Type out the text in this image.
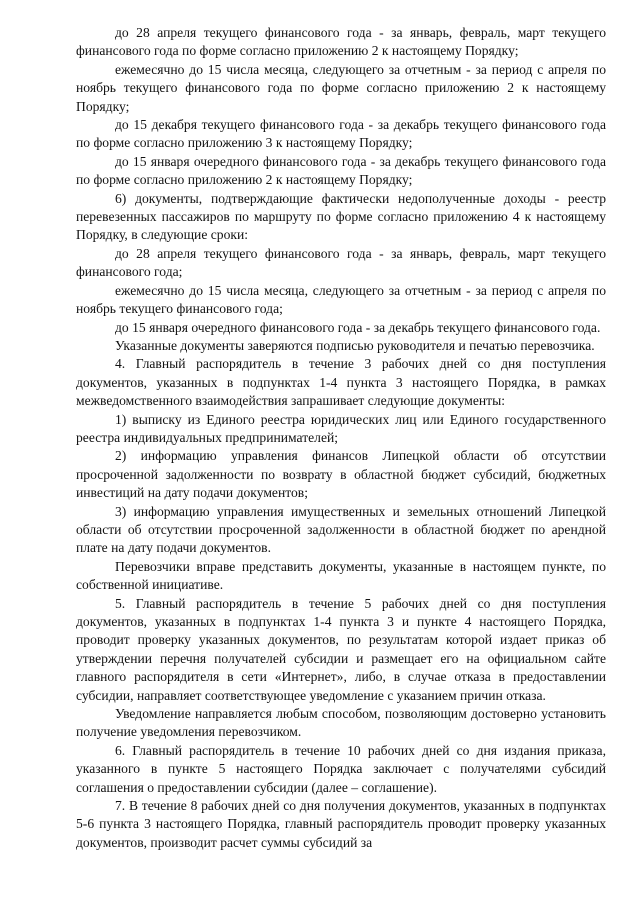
до 28 апреля текущего финансового года - за январь, февраль, март текущего финансового года по форме согласно приложению 2 к настоящему Порядку;

ежемесячно до 15 числа месяца, следующего за отчетным - за период с апреля по ноябрь текущего финансового года по форме согласно приложению 2 к настоящему Порядку;

до 15 декабря текущего финансового года - за декабрь текущего финансового года по форме согласно приложению 3 к настоящему Порядку;

до 15 января очередного финансового года - за декабрь текущего финансового года по форме согласно приложению 2 к настоящему Порядку;

6) документы, подтверждающие фактически недополученные доходы - реестр перевезенных пассажиров по маршруту по форме согласно приложению 4 к настоящему Порядку, в следующие сроки:

до 28 апреля текущего финансового года - за январь, февраль, март текущего финансового года;

ежемесячно до 15 числа месяца, следующего за отчетным - за период с апреля по ноябрь текущего финансового года;

до 15 января очередного финансового года - за декабрь текущего финансового года.

Указанные документы заверяются подписью руководителя и печатью перевозчика.

4. Главный распорядитель в течение 3 рабочих дней со дня поступления документов, указанных в подпунктах 1-4 пункта 3 настоящего Порядка, в рамках межведомственного взаимодействия запрашивает следующие документы:

1) выписку из Единого реестра юридических лиц или Единого государственного реестра индивидуальных предпринимателей;

2) информацию управления финансов Липецкой области об отсутствии просроченной задолженности по возврату в областной бюджет субсидий, бюджетных инвестиций на дату подачи документов;

3) информацию управления имущественных и земельных отношений Липецкой области об отсутствии просроченной задолженности в областной бюджет по арендной плате на дату подачи документов.

Перевозчики вправе представить документы, указанные в настоящем пункте, по собственной инициативе.

5. Главный распорядитель в течение 5 рабочих дней со дня поступления документов, указанных в подпунктах 1-4 пункта 3 и пункте 4 настоящего Порядка, проводит проверку указанных документов, по результатам которой издает приказ об утверждении перечня получателей субсидии и размещает его на официальном сайте главного распорядителя в сети «Интернет», либо, в случае отказа в предоставлении субсидии, направляет соответствующее уведомление с указанием причин отказа.

Уведомление направляется любым способом, позволяющим достоверно установить получение уведомления перевозчиком.

6. Главный распорядитель в течение 10 рабочих дней со дня издания приказа, указанного в пункте 5 настоящего Порядка заключает с получателями субсидий соглашения о предоставлении субсидии (далее – соглашение).

7. В течение 8 рабочих дней со дня получения документов, указанных в подпунктах 5-6 пункта 3 настоящего Порядка, главный распорядитель проводит проверку указанных документов, производит расчет суммы субсидий за
